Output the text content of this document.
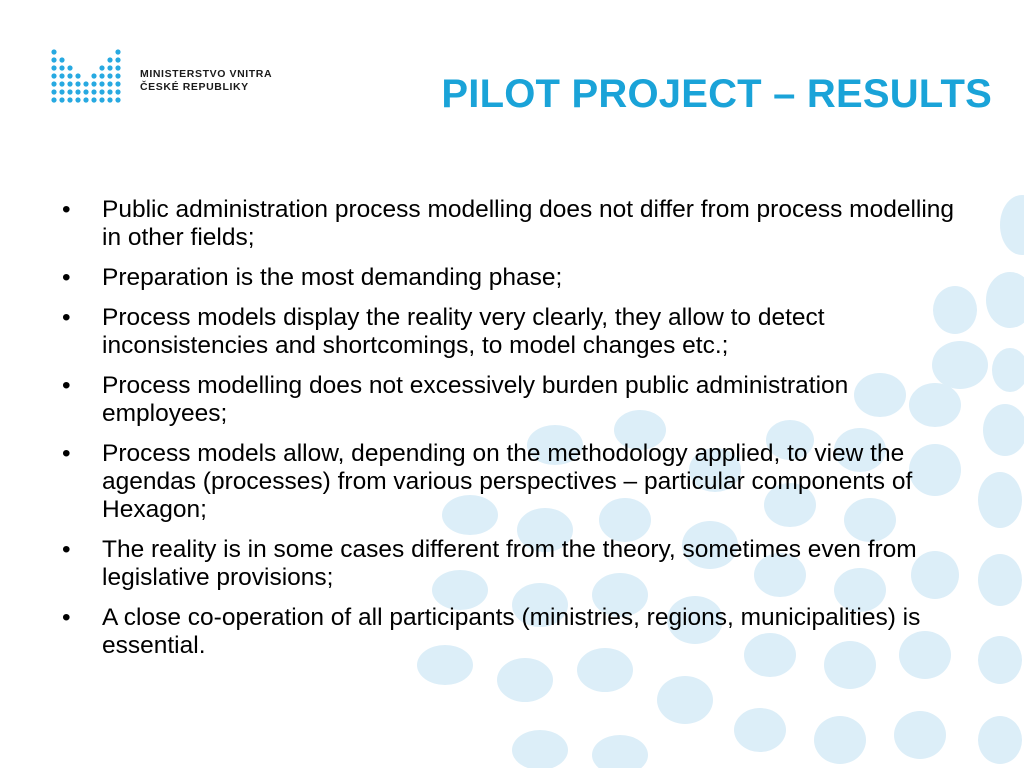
MINISTERSTVO VNITRA
ČESKÉ REPUBLIKY	PILOT PROJECT – RESULTS
• Public administration process modelling does not differ from process modelling in other fields;
• Preparation is the most demanding phase;
• Process models display the reality very clearly, they allow to detect inconsistencies and shortcomings, to model changes etc.;
• Process modelling does not excessively burden public administration employees;
• Process models allow, depending on the methodology applied, to view the agendas (processes) from various perspectives – particular components of Hexagon;
• The reality is in some cases different from the theory, sometimes even from legislative provisions;
• A close co-operation of all participants (ministries, regions, municipalities) is essential.
